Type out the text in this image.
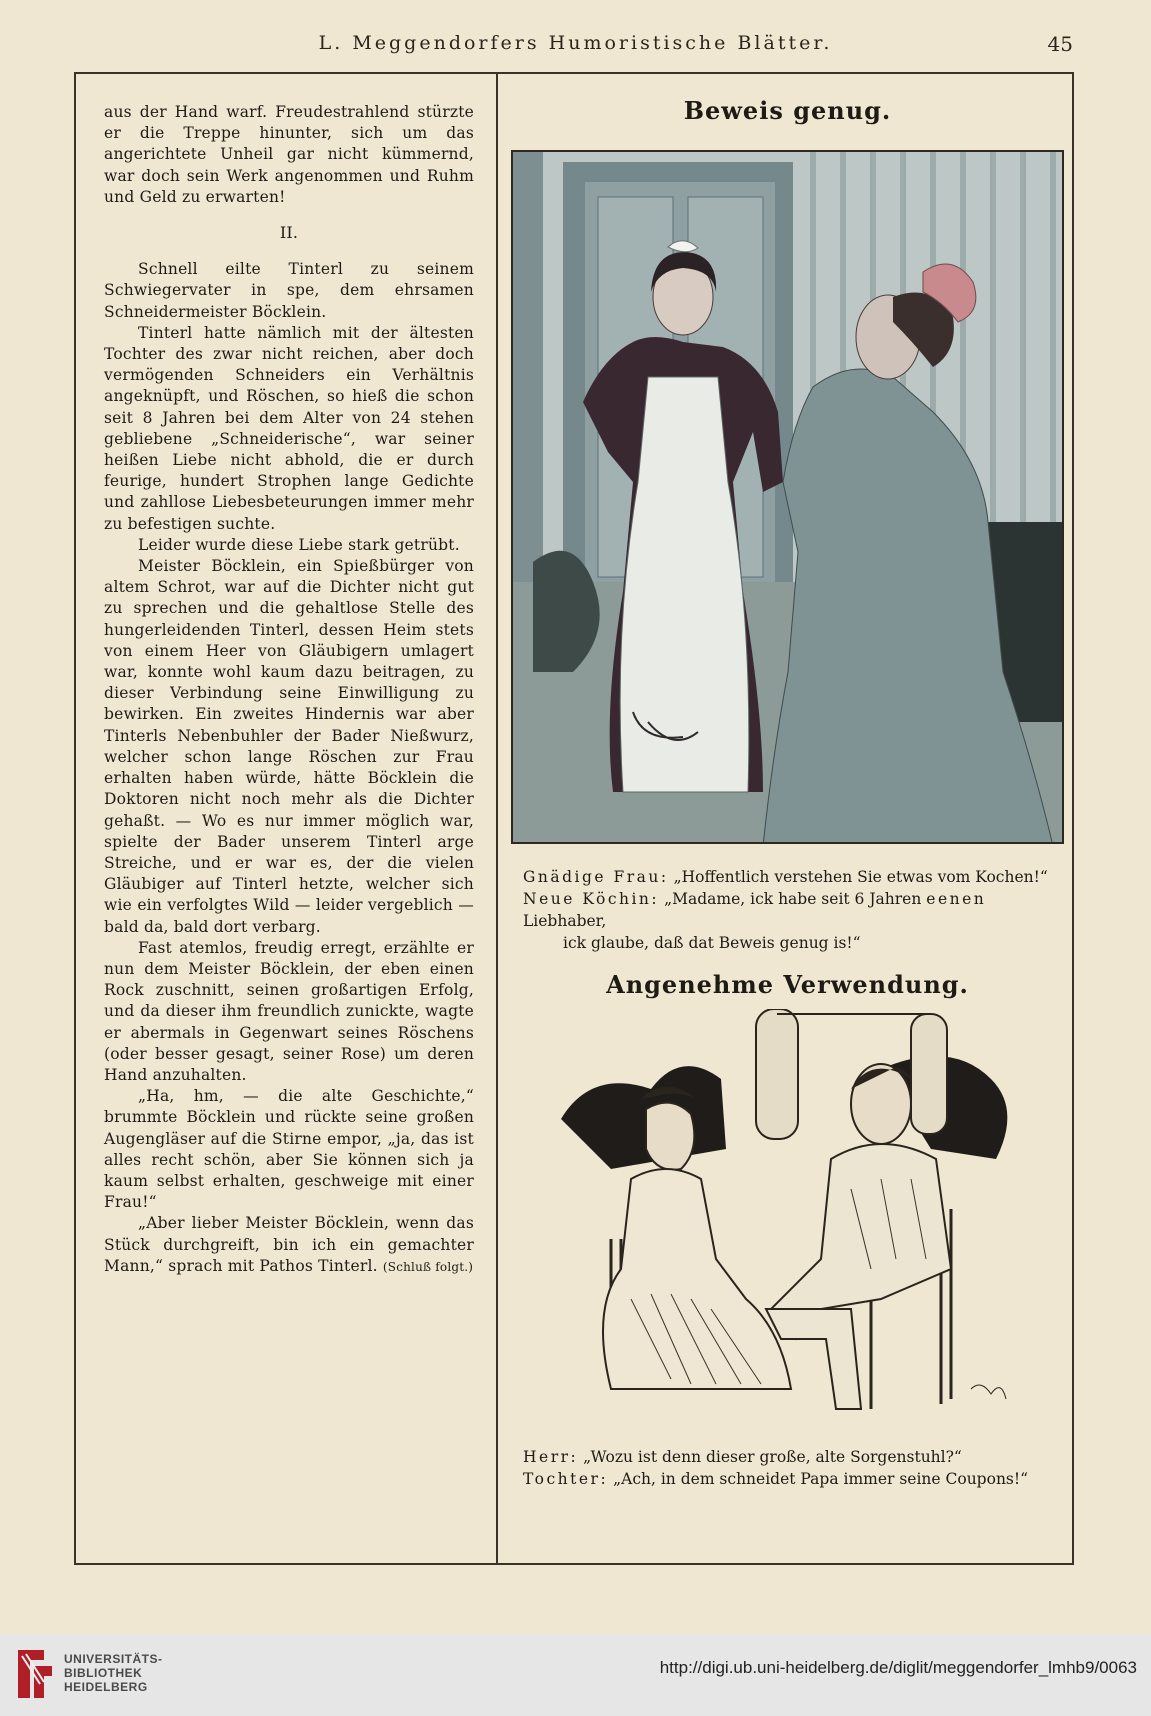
L. Meggendorfers Humoristische Blätter.	45

aus der Hand warf. Freudestrahlend stürzte er die Treppe hinunter, sich um das angerichtete Unheil gar nicht kümmernd, war doch sein Werk angenommen und Ruhm und Geld zu erwarten!

II.

Schnell eilte Tinterl zu seinem Schwiegervater in spe, dem ehrsamen Schneidermeister Böcklein.

Tinterl hatte nämlich mit der ältesten Tochter des zwar nicht reichen, aber doch vermögenden Schneiders ein Verhältnis angeknüpft, und Röschen, so hieß die schon seit 8 Jahren bei dem Alter von 24 stehen gebliebene „Schneiderische“, war seiner heißen Liebe nicht abhold, die er durch feurige, hundert Strophen lange Gedichte und zahllose Liebesbeteurungen immer mehr zu befestigen suchte.

Leider wurde diese Liebe stark getrübt.

Meister Böcklein, ein Spießbürger von altem Schrot, war auf die Dichter nicht gut zu sprechen und die gehaltlose Stelle des hungerleidenden Tinterl, dessen Heim stets von einem Heer von Gläubigern umlagert war, konnte wohl kaum dazu beitragen, zu dieser Verbindung seine Einwilligung zu bewirken. Ein zweites Hindernis war aber Tinterls Nebenbuhler der Bader Nießwurz, welcher schon lange Röschen zur Frau erhalten haben würde, hätte Böcklein die Doktoren nicht noch mehr als die Dichter gehaßt. — Wo es nur immer möglich war, spielte der Bader unserem Tinterl arge Streiche, und er war es, der die vielen Gläubiger auf Tinterl hetzte, welcher sich wie ein verfolgtes Wild — leider vergeblich — bald da, bald dort verbarg.

Fast atemlos, freudig erregt, erzählte er nun dem Meister Böcklein, der eben einen Rock zuschnitt, seinen großartigen Erfolg, und da dieser ihm freundlich zunickte, wagte er abermals in Gegenwart seines Röschens (oder besser gesagt, seiner Rose) um deren Hand anzuhalten.

„Ha, hm, — die alte Geschichte,“ brummte Böcklein und rückte seine großen Augengläser auf die Stirne empor, „ja, das ist alles recht schön, aber Sie können sich ja kaum selbst erhalten, geschweige mit einer Frau!“

„Aber lieber Meister Böcklein, wenn das Stück durchgreift, bin ich ein gemachter Mann,“ sprach mit Pathos Tinterl. (Schluß folgt.)

Beweis genug.
Gnädige Frau: „Hoffentlich verstehen Sie etwas vom Kochen!“
Neue Köchin: „Madame, ick habe seit 6 Jahren eenen Liebhaber,
ick glaube, daß dat Beweis genug is!“
Angenehme Verwendung.
Herr: „Wozu ist denn dieser große, alte Sorgenstuhl?“
Tochter: „Ach, in dem schneidet Papa immer seine Coupons!“
UNIVERSITÄTS-
BIBLIOTHEK
HEIDELBERG
http://digi.ub.uni-heidelberg.de/diglit/meggendorfer_lmhb9/0063
